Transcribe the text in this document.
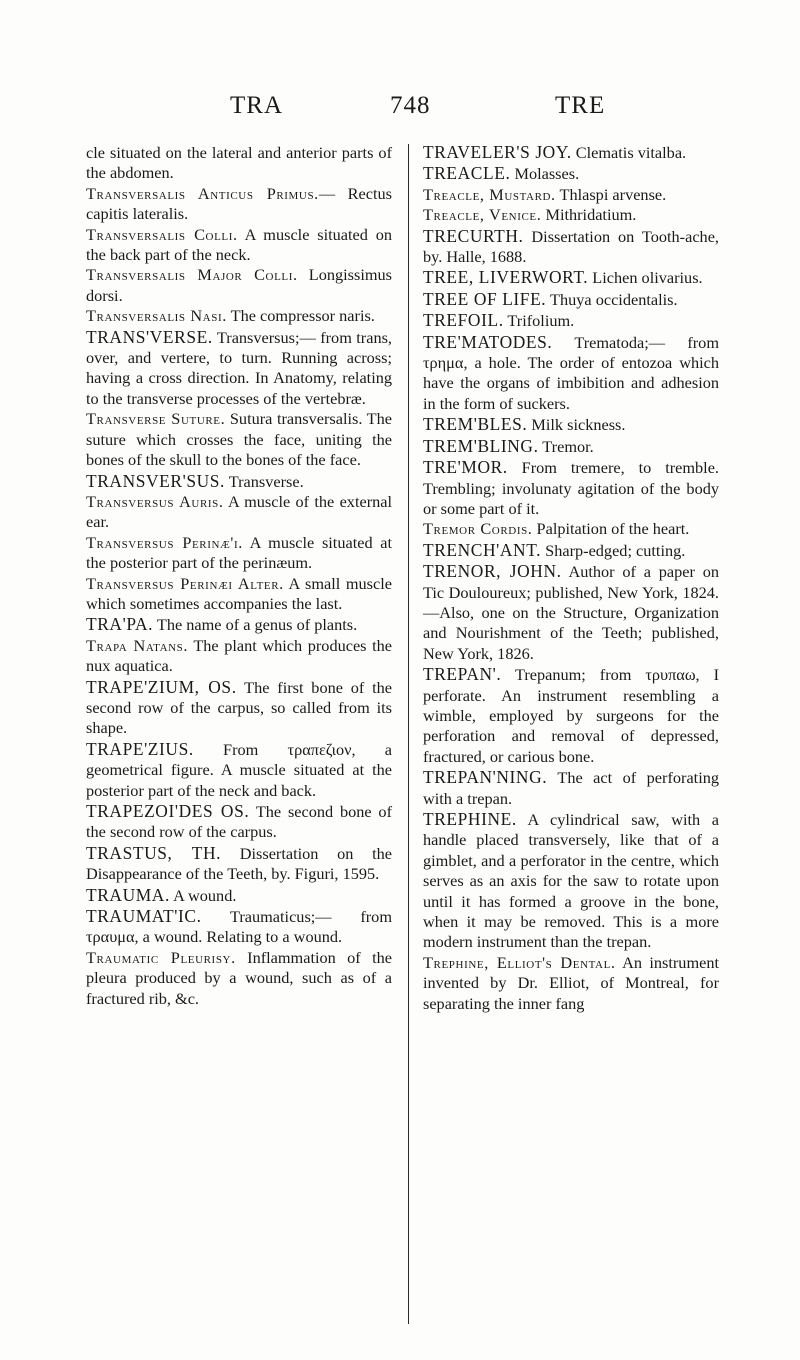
TRA	748	TRE

cle situated on the lateral and anterior parts of the abdomen.

Transversalis Anticus Primus.— Rectus capitis lateralis.

Transversalis Colli. A muscle situated on the back part of the neck.

Transversalis Major Colli. Longissimus dorsi.

Transversalis Nasi. The compressor naris.

TRANS'VERSE. Transversus;— from trans, over, and vertere, to turn. Running across; having a cross direction. In Anatomy, relating to the transverse processes of the vertebræ.

Transverse Suture. Sutura transversalis. The suture which crosses the face, uniting the bones of the skull to the bones of the face.

TRANSVER'SUS. Transverse.

Transversus Auris. A muscle of the external ear.

Transversus Perinæ'i. A muscle situated at the posterior part of the perinæum.

Transversus Perinæi Alter. A small muscle which sometimes accompanies the last.

TRA'PA. The name of a genus of plants.

Trapa Natans. The plant which produces the nux aquatica.

TRAPE'ZIUM, OS. The first bone of the second row of the carpus, so called from its shape.

TRAPE'ZIUS. From τραπεζιον, a geometrical figure. A muscle situated at the posterior part of the neck and back.

TRAPEZOI'DES OS. The second bone of the second row of the carpus.

TRASTUS, TH. Dissertation on the Disappearance of the Teeth, by. Figuri, 1595.

TRAUMA. A wound.

TRAUMAT'IC. Traumaticus;— from τραυμα, a wound. Relating to a wound.

Traumatic Pleurisy. Inflammation of the pleura produced by a wound, such as of a fractured rib, &c.

TRAVELER'S JOY. Clematis vitalba.

TREACLE. Molasses.

Treacle, Mustard. Thlaspi arvense.

Treacle, Venice. Mithridatium.

TRECURTH. Dissertation on Tooth-ache, by. Halle, 1688.

TREE, LIVERWORT. Lichen olivarius.

TREE OF LIFE. Thuya occidentalis.

TREFOIL. Trifolium.

TRE'MATODES. Trematoda;— from τρημα, a hole. The order of entozoa which have the organs of imbibition and adhesion in the form of suckers.

TREM'BLES. Milk sickness.

TREM'BLING. Tremor.

TRE'MOR. From tremere, to tremble. Trembling; involunaty agitation of the body or some part of it.

Tremor Cordis. Palpitation of the heart.

TRENCH'ANT. Sharp-edged; cutting.

TRENOR, JOHN. Author of a paper on Tic Douloureux; published, New York, 1824.—Also, one on the Structure, Organization and Nourishment of the Teeth; published, New York, 1826.

TREPAN'. Trepanum; from τρυπαω, I perforate. An instrument resembling a wimble, employed by surgeons for the perforation and removal of depressed, fractured, or carious bone.

TREPAN'NING. The act of perforating with a trepan.

TREPHINE. A cylindrical saw, with a handle placed transversely, like that of a gimblet, and a perforator in the centre, which serves as an axis for the saw to rotate upon until it has formed a groove in the bone, when it may be removed. This is a more modern instrument than the trepan.

Trephine, Elliot's Dental. An instrument invented by Dr. Elliot, of Montreal, for separating the inner fang
